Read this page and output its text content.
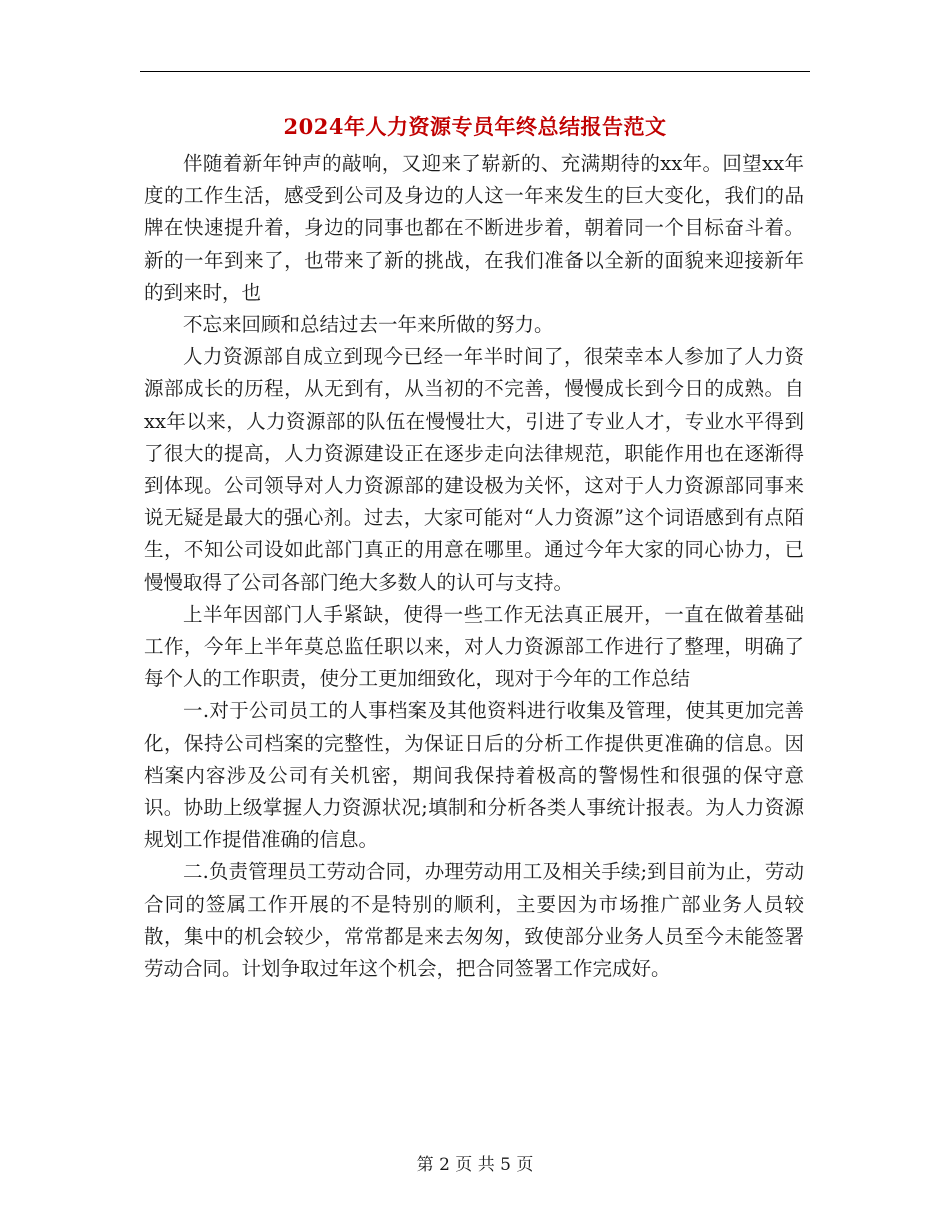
2024年人力资源专员年终总结报告范文

伴随着新年钟声的敲响，又迎来了崭新的、充满期待的xx年。回望xx年度的工作生活，感受到公司及身边的人这一年来发生的巨大变化，我们的品牌在快速提升着，身边的同事也都在不断进步着，朝着同一个目标奋斗着。新的一年到来了，也带来了新的挑战，在我们准备以全新的面貌来迎接新年的到来时，也

不忘来回顾和总结过去一年来所做的努力。

人力资源部自成立到现今已经一年半时间了，很荣幸本人参加了人力资源部成长的历程，从无到有，从当初的不完善，慢慢成长到今日的成熟。自xx年以来，人力资源部的队伍在慢慢壮大，引进了专业人才，专业水平得到了很大的提高，人力资源建设正在逐步走向法律规范，职能作用也在逐渐得到体现。公司领导对人力资源部的建设极为关怀，这对于人力资源部同事来说无疑是最大的强心剂。过去，大家可能对“人力资源”这个词语感到有点陌生，不知公司设如此部门真正的用意在哪里。通过今年大家的同心协力，已慢慢取得了公司各部门绝大多数人的认可与支持。

上半年因部门人手紧缺，使得一些工作无法真正展开，一直在做着基础工作，今年上半年莫总监任职以来，对人力资源部工作进行了整理，明确了每个人的工作职责，使分工更加细致化，现对于今年的工作总结

一.对于公司员工的人事档案及其他资料进行收集及管理，使其更加完善化，保持公司档案的完整性，为保证日后的分析工作提供更准确的信息。因档案内容涉及公司有关机密，期间我保持着极高的警惕性和很强的保守意识。协助上级掌握人力资源状况;填制和分析各类人事统计报表。为人力资源规划工作提借准确的信息。

二.负责管理员工劳动合同，办理劳动用工及相关手续;到目前为止，劳动合同的签属工作开展的不是特别的顺利，主要因为市场推广部业务人员较散，集中的机会较少，常常都是来去匆匆，致使部分业务人员至今未能签署劳动合同。计划争取过年这个机会，把合同签署工作完成好。

第 2 页 共 5 页
